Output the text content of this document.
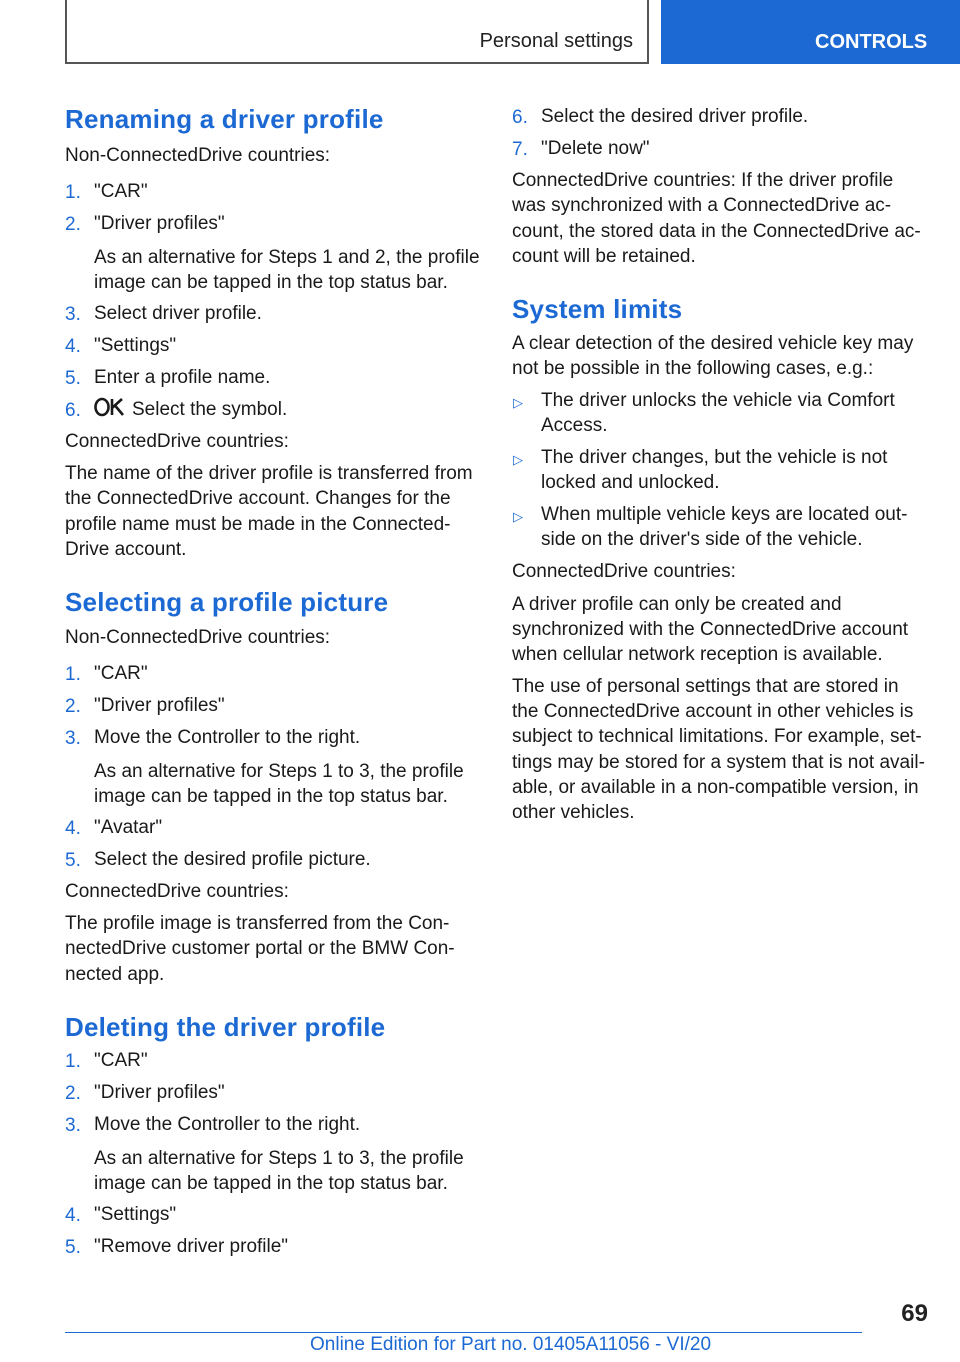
Personal settings	CONTROLS
Renaming a driver profile

Non-ConnectedDrive countries:

1. "CAR"

2. "Driver profiles"

As an alternative for Steps 1 and 2, the profile

image can be tapped in the top status bar.

3. Select driver profile.

4. "Settings"

5. Enter a profile name.

6.	Select the symbol.

ConnectedDrive countries:

The name of the driver profile is transferred from

the ConnectedDrive account. Changes for the

profile name must be made in the Connected‐

Drive account.

Selecting a profile picture

Non-ConnectedDrive countries:

1. "CAR"

2. "Driver profiles"

3. Move the Controller to the right.

As an alternative for Steps 1 to 3, the profile

image can be tapped in the top status bar.

4. "Avatar"

5. Select the desired profile picture.

ConnectedDrive countries:

The profile image is transferred from the Con‐

nectedDrive customer portal or the BMW Con‐

nected app.

Deleting the driver profile
1. "CAR"

2. "Driver profiles"

3. Move the Controller to the right.

As an alternative for Steps 1 to 3, the profile

image can be tapped in the top status bar.

4. "Settings"

5. "Remove driver profile"

6. Select the desired driver profile.

7. "Delete now"

ConnectedDrive countries: If the driver profile

was synchronized with a ConnectedDrive ac‐

count, the stored data in the ConnectedDrive ac‐

count will be retained.

System limits

A clear detection of the desired vehicle key may

not be possible in the following cases, e.g.:

▷ The driver unlocks the vehicle via Comfort

Access.

▷ The driver changes, but the vehicle is not

locked and unlocked.

▷ When multiple vehicle keys are located out‐

side on the driver's side of the vehicle.

ConnectedDrive countries:

A driver profile can only be created and

synchronized with the ConnectedDrive account

when cellular network reception is available.

The use of personal settings that are stored in

the ConnectedDrive account in other vehicles is

subject to technical limitations. For example, set‐

tings may be stored for a system that is not avail‐

able, or available in a non-compatible version, in

other vehicles.

69
Online Edition for Part no. 01405A11056 - VI/20
